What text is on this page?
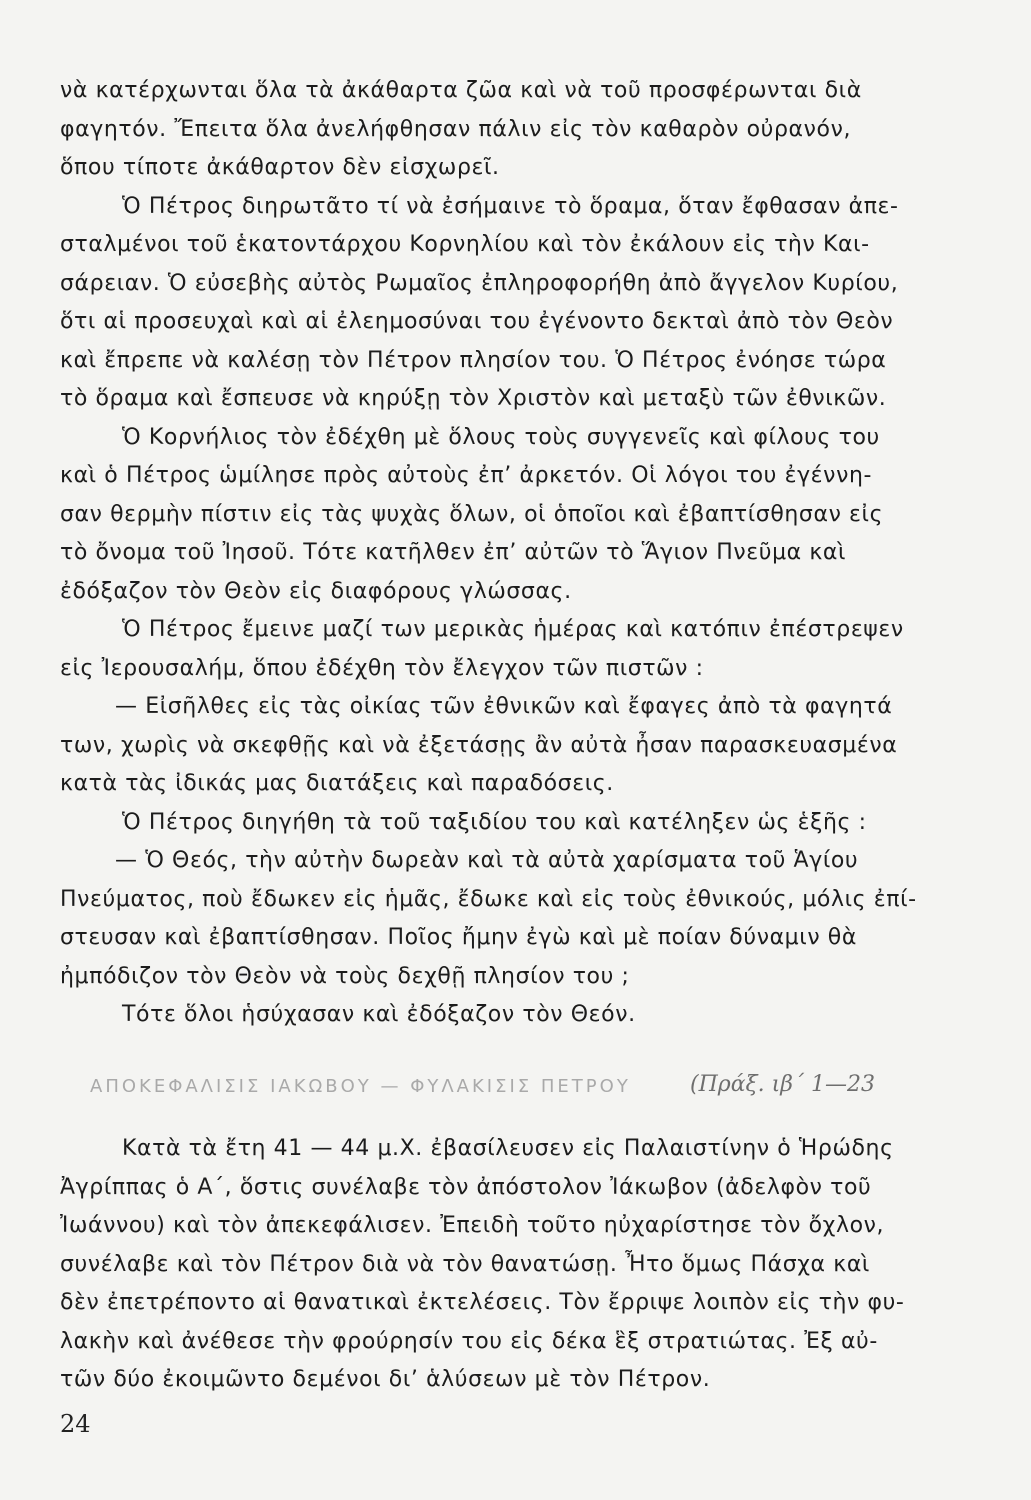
νὰ κατέρχωνται ὅλα τὰ ἀκάθαρτα ζῶα καὶ νὰ τοῦ προσφέρωνται διὰ
φαγητόν. Ἔπειτα ὅλα ἀνελήφθησαν πάλιν εἰς τὸν καθαρὸν οὐρανόν,
ὅπου τίποτε ἀκάθαρτον δὲν εἰσχωρεῖ.
Ὁ Πέτρος διηρωτᾶτο τί νὰ ἐσήμαινε τὸ ὅραμα, ὅταν ἔφθασαν ἀπε-
σταλμένοι τοῦ ἑκατοντάρχου Κορνηλίου καὶ τὸν ἐκάλουν εἰς τὴν Και-
σάρειαν. Ὁ εὐσεβὴς αὐτὸς Ρωμαῖος ἐπληροφορήθη ἀπὸ ἄγγελον Κυρίου,
ὅτι αἱ προσευχαὶ καὶ αἱ ἐλεημοσύναι του ἐγένοντο δεκταὶ ἀπὸ τὸν Θεὸν
καὶ ἔπρεπε νὰ καλέσῃ τὸν Πέτρον πλησίον του. Ὁ Πέτρος ἐνόησε τώρα
τὸ ὅραμα καὶ ἔσπευσε νὰ κηρύξῃ τὸν Χριστὸν καὶ μεταξὺ τῶν ἐθνικῶν.
Ὁ Κορνήλιος τὸν ἐδέχθη μὲ ὅλους τοὺς συγγενεῖς καὶ φίλους του
καὶ ὁ Πέτρος ὡμίλησε πρὸς αὐτοὺς ἐπ’ ἀρκετόν. Οἱ λόγοι του ἐγέννη-
σαν θερμὴν πίστιν εἰς τὰς ψυχὰς ὅλων, οἱ ὁποῖοι καὶ ἐβαπτίσθησαν εἰς
τὸ ὄνομα τοῦ Ἰησοῦ. Τότε κατῆλθεν ἐπ’ αὐτῶν τὸ Ἅγιον Πνεῦμα καὶ
ἐδόξαζον τὸν Θεὸν εἰς διαφόρους γλώσσας.
Ὁ Πέτρος ἔμεινε μαζί των μερικὰς ἡμέρας καὶ κατόπιν ἐπέστρεψεν
εἰς Ἰερουσαλήμ, ὅπου ἐδέχθη τὸν ἔλεγχον τῶν πιστῶν :
— Εἰσῆλθες εἰς τὰς οἰκίας τῶν ἐθνικῶν καὶ ἔφαγες ἀπὸ τὰ φαγητά
των, χωρὶς νὰ σκεφθῇς καὶ νὰ ἐξετάσῃς ἂν αὐτὰ ἦσαν παρασκευασμένα
κατὰ τὰς ἰδικάς μας διατάξεις καὶ παραδόσεις.
Ὁ Πέτρος διηγήθη τὰ τοῦ ταξιδίου του καὶ κατέληξεν ὡς ἑξῆς :
— Ὁ Θεός, τὴν αὐτὴν δωρεὰν καὶ τὰ αὐτὰ χαρίσματα τοῦ Ἁγίου
Πνεύματος, ποὺ ἔδωκεν εἰς ἡμᾶς, ἔδωκε καὶ εἰς τοὺς ἐθνικούς, μόλις ἐπί-
στευσαν καὶ ἐβαπτίσθησαν. Ποῖος ἤμην ἐγὼ καὶ μὲ ποίαν δύναμιν θὰ
ἠμπόδιζον τὸν Θεὸν νὰ τοὺς δεχθῇ πλησίον του ;
Τότε ὅλοι ἡσύχασαν καὶ ἐδόξαζον τὸν Θεόν.
ΑΠΟΚΕΦΑΛΙΣΙΣ ΙΑΚΩΒΟΥ — ΦΥΛΑΚΙΣΙΣ ΠΕΤΡΟΥ	(Πράξ. ιβ΄ 1—23
Κατὰ τὰ ἔτη 41 — 44 μ.Χ. ἐβασίλευσεν εἰς Παλαιστίνην ὁ Ἡρώδης
Ἀγρίππας ὁ Α΄, ὅστις συνέλαβε τὸν ἀπόστολον Ἰάκωβον (ἀδελφὸν τοῦ
Ἰωάννου) καὶ τὸν ἀπεκεφάλισεν. Ἐπειδὴ τοῦτο ηὐχαρίστησε τὸν ὄχλον,
συνέλαβε καὶ τὸν Πέτρον διὰ νὰ τὸν θανατώσῃ. Ἦτο ὅμως Πάσχα καὶ
δὲν ἐπετρέποντο αἱ θανατικαὶ ἐκτελέσεις. Τὸν ἔρριψε λοιπὸν εἰς τὴν φυ-
λακὴν καὶ ἀνέθεσε τὴν φρούρησίν του εἰς δέκα ἓξ στρατιώτας. Ἐξ αὐ-
τῶν δύο ἐκοιμῶντο δεμένοι δι’ ἁλύσεων μὲ τὸν Πέτρον.
24
